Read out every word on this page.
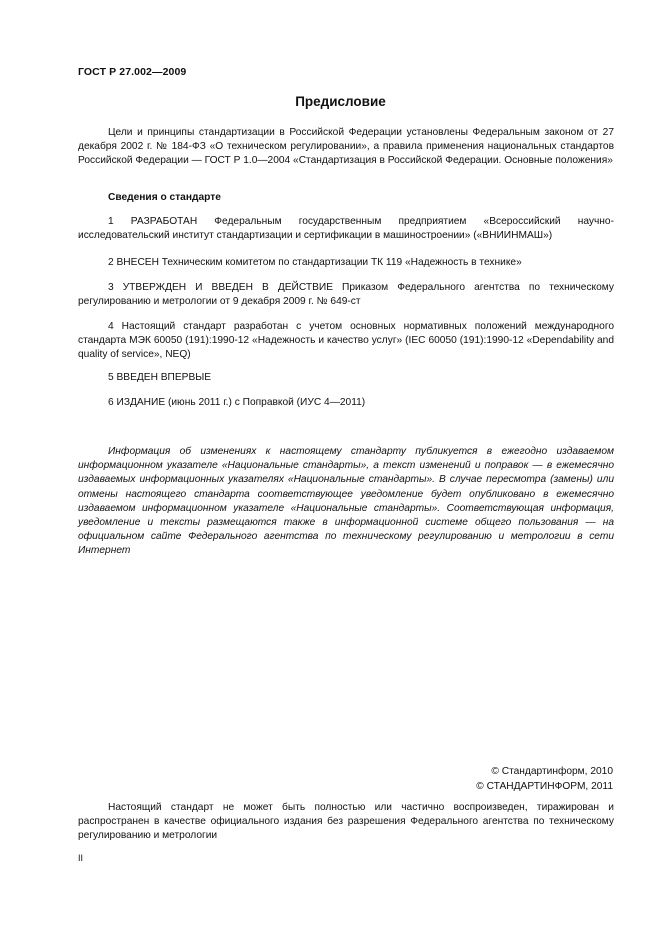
ГОСТ Р 27.002—2009
Предисловие
Цели и принципы стандартизации в Российской Федерации установлены Федеральным законом от 27 декабря 2002 г. № 184-ФЗ «О техническом регулировании», а правила применения национальных стандартов Российской Федерации — ГОСТ Р 1.0—2004 «Стандартизация в Российской Федерации. Основные положения»
Сведения о стандарте
1 РАЗРАБОТАН Федеральным государственным предприятием «Всероссийский научно-исследовательский институт стандартизации и сертификации в машиностроении» («ВНИИНМАШ»)
2 ВНЕСЕН Техническим комитетом по стандартизации ТК 119 «Надежность в технике»
3 УТВЕРЖДЕН И ВВЕДЕН В ДЕЙСТВИЕ Приказом Федерального агентства по техническому регулированию и метрологии от 9 декабря 2009 г. № 649-ст
4 Настоящий стандарт разработан с учетом основных нормативных положений международного стандарта МЭК 60050 (191):1990-12 «Надежность и качество услуг» (IEC 60050 (191):1990-12 «Dependability and quality of service», NEQ)
5 ВВЕДЕН ВПЕРВЫЕ
6 ИЗДАНИЕ (июнь 2011 г.) с Поправкой (ИУС 4—2011)
Информация об изменениях к настоящему стандарту публикуется в ежегодно издаваемом информационном указателе «Национальные стандарты», а текст изменений и поправок — в ежемесячно издаваемых информационных указателях «Национальные стандарты». В случае пересмотра (замены) или отмены настоящего стандарта соответствующее уведомление будет опубликовано в ежемесячно издаваемом информационном указателе «Национальные стандарты». Соответствующая информация, уведомление и тексты размещаются также в информационной системе общего пользования — на официальном сайте Федерального агентства по техническому регулированию и метрологии в сети Интернет
© Стандартинформ, 2010
© СТАНДАРТИНФОРМ, 2011
Настоящий стандарт не может быть полностью или частично воспроизведен, тиражирован и распространен в качестве официального издания без разрешения Федерального агентства по техническому регулированию и метрологии
II
